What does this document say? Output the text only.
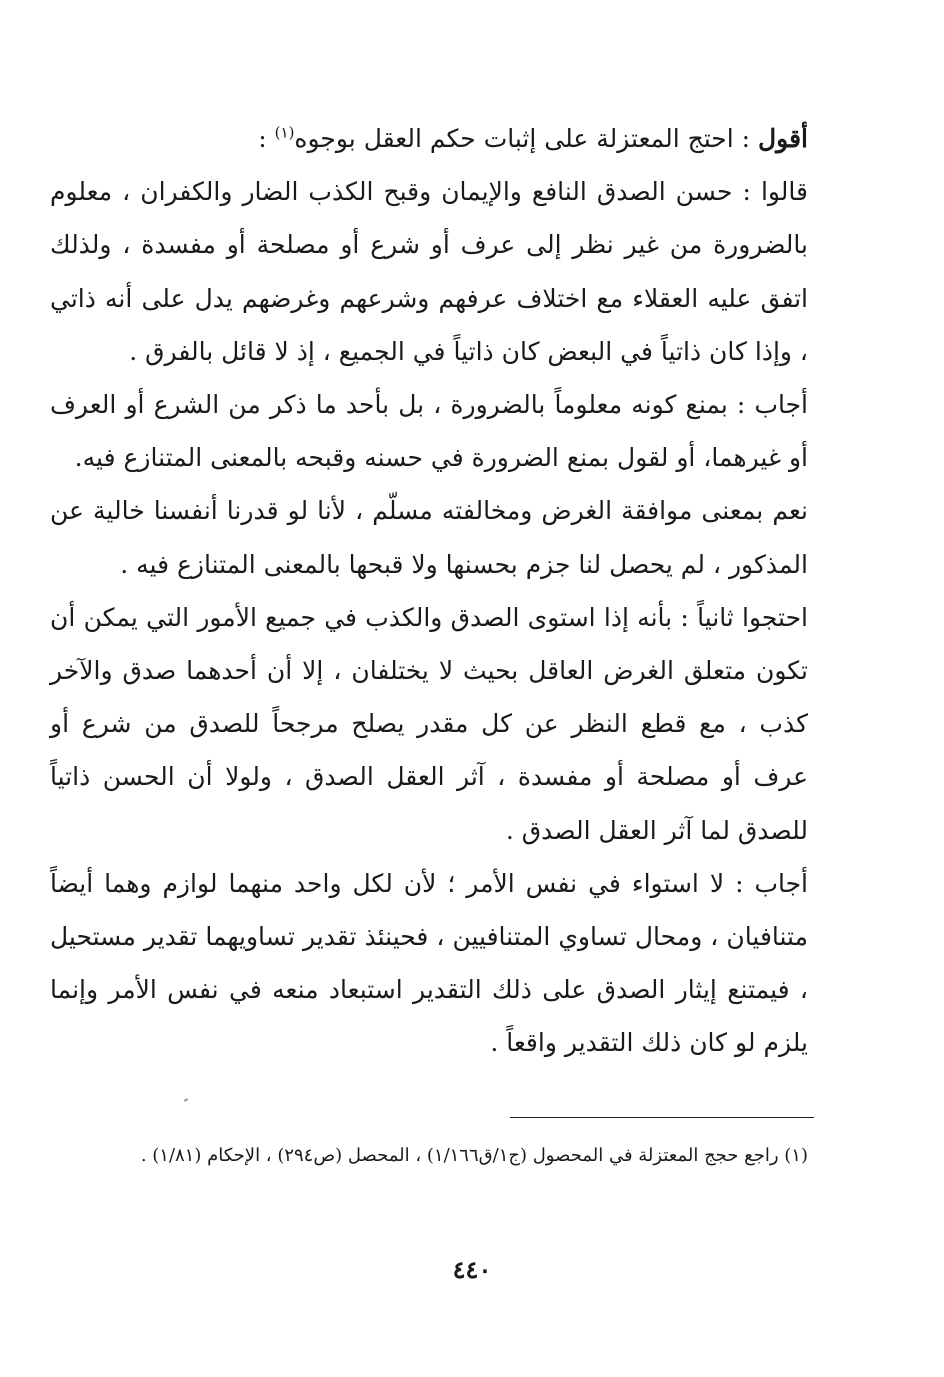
أقول : احتج المعتزلة على إثبات حكم العقل بوجوه$^{(١)}$ :

قالوا : حسن الصدق النافع والإيمان وقبح الكذب الضار والكفران ، معلوم بالضرورة من غير نظر إلى عرف أو شرع أو مصلحة أو مفسدة ، ولذلك اتفق عليه العقلاء مع اختلاف عرفهم وشرعهم وغرضهم يدل على أنه ذاتي ، وإذا كان ذاتياً في البعض كان ذاتياً في الجميع ، إذ لا قائل بالفرق .

أجاب : بمنع كونه معلوماً بالضرورة ، بل بأحد ما ذكر من الشرع أو العرف أو غيرهما، أو لقول بمنع الضرورة في حسنه وقبحه بالمعنى المتنازع فيه.

نعم بمعنى موافقة الغرض ومخالفته مسلّم ، لأنا لو قدرنا أنفسنا خالية عن المذكور ، لم يحصل لنا جزم بحسنها ولا قبحها بالمعنى المتنازع فيه .

احتجوا ثانياً : بأنه إذا استوى الصدق والكذب في جميع الأمور التي يمكن أن تكون متعلق الغرض العاقل بحيث لا يختلفان ، إلا أن أحدهما صدق والآخر كذب ، مع قطع النظر عن كل مقدر يصلح مرجحاً للصدق من شرع أو عرف أو مصلحة أو مفسدة ، آثر العقل الصدق ، ولولا أن الحسن ذاتياً للصدق لما آثر العقل الصدق .

أجاب : لا استواء في نفس الأمر ؛ لأن لكل واحد منهما لوازم وهما أيضاً متنافيان ، ومحال تساوي المتنافيين ، فحينئذ تقدير تساويهما تقدير مستحيل ، فيمتنع إيثار الصدق على ذلك التقدير استبعاد منعه في نفس الأمر وإنما يلزم لو كان ذلك التقدير واقعاً .

(١) راجع حجج المعتزلة في المحصول (ج١/ق١/١٦٦) ، المحصل (ص٢٩٤) ، الإحكام (١/٨١) .
٤٤٠
